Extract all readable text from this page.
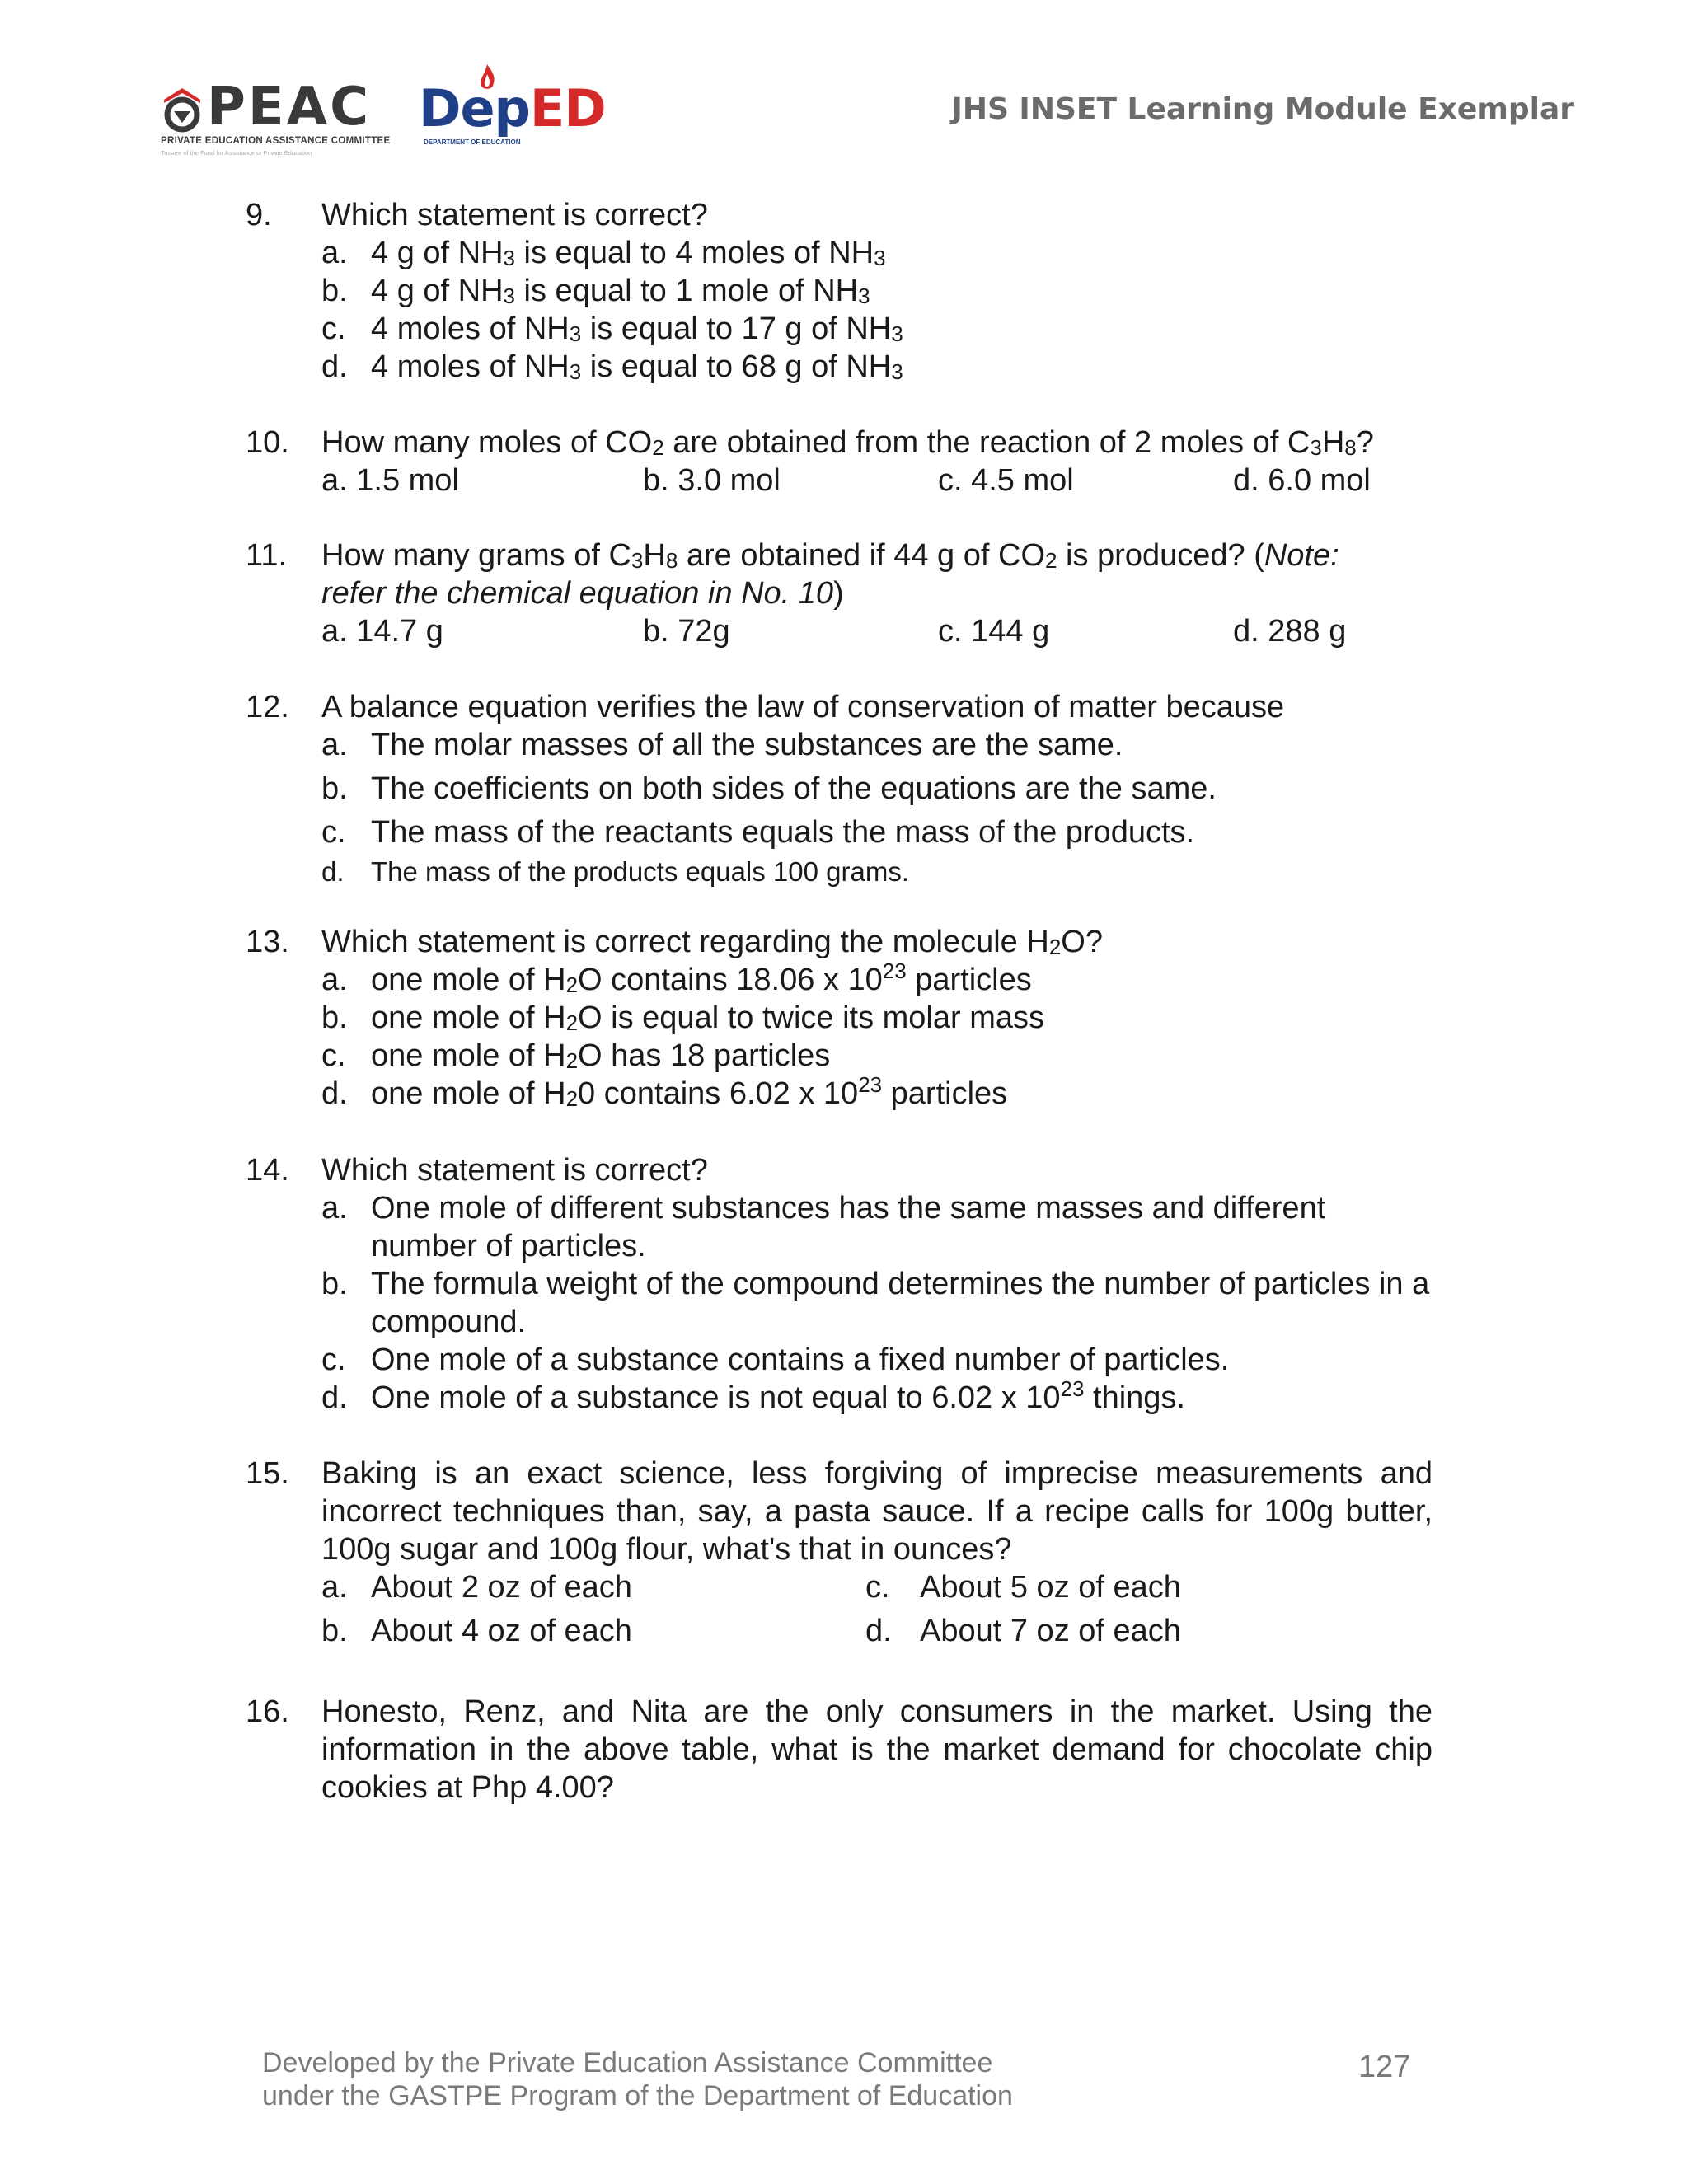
PEAC
PRIVATE EDUCATION ASSISTANCE COMMITTEE
Trustee of the Fund for Assistance to Private Education
DepED
DEPARTMENT OF EDUCATION
JHS INSET Learning Module Exemplar
9. Which statement is correct?
a. 4 g of $NH_3$ is equal to 4 moles of $NH_3$
b. 4 g of $NH_3$ is equal to 1 mole of $NH_3$
c. 4 moles of $NH_3$ is equal to 17 g of $NH_3$
d. 4 moles of $NH_3$ is equal to 68 g of $NH_3$
10. How many moles of $CO_2$ are obtained from the reaction of 2 moles of $C_3H_8$?
a. 1.5 mol	b. 3.0 mol	c. 4.5 mol	d. 6.0 mol
11. How many grams of $C_3H_8$ are obtained if 44 g of $CO_2$ is produced? (Note:
refer the chemical equation in No. 10)
a. 14.7 g	b. 72g	c. 144 g	d. 288 g
12. A balance equation verifies the law of conservation of matter because
a. The molar masses of all the substances are the same.
b. The coefficients on both sides of the equations are the same.
c. The mass of the reactants equals the mass of the products.
d. The mass of the products equals 100 grams.
13. Which statement is correct regarding the molecule $H_2O$?
a. one mole of $H_2O$ contains 18.06 x $10^{23}$ particles
b. one mole of $H_2O$ is equal to twice its molar mass
c. one mole of $H_2O$ has 18 particles
d. one mole of $H_20$ contains 6.02 x $10^{23}$ particles
14. Which statement is correct?
a. One mole of different substances has the same masses and different number of particles.
b. The formula weight of the compound determines the number of particles in a compound.
c. One mole of a substance contains a fixed number of particles.
d. One mole of a substance is not equal to 6.02 x $10^{23}$ things.
15. Baking is an exact science, less forgiving of imprecise measurements and incorrect techniques than, say, a pasta sauce. If a recipe calls for 100g butter, 100g sugar and 100g flour, what's that in ounces?
a. About 2 oz of each	c. About 5 oz of each
b. About 4 oz of each	d. About 7 oz of each
16. Honesto, Renz, and Nita are the only consumers in the market. Using the information in the above table, what is the market demand for chocolate chip cookies at Php 4.00?
Developed by the Private Education Assistance Committee
under the GASTPE Program of the Department of Education
127
